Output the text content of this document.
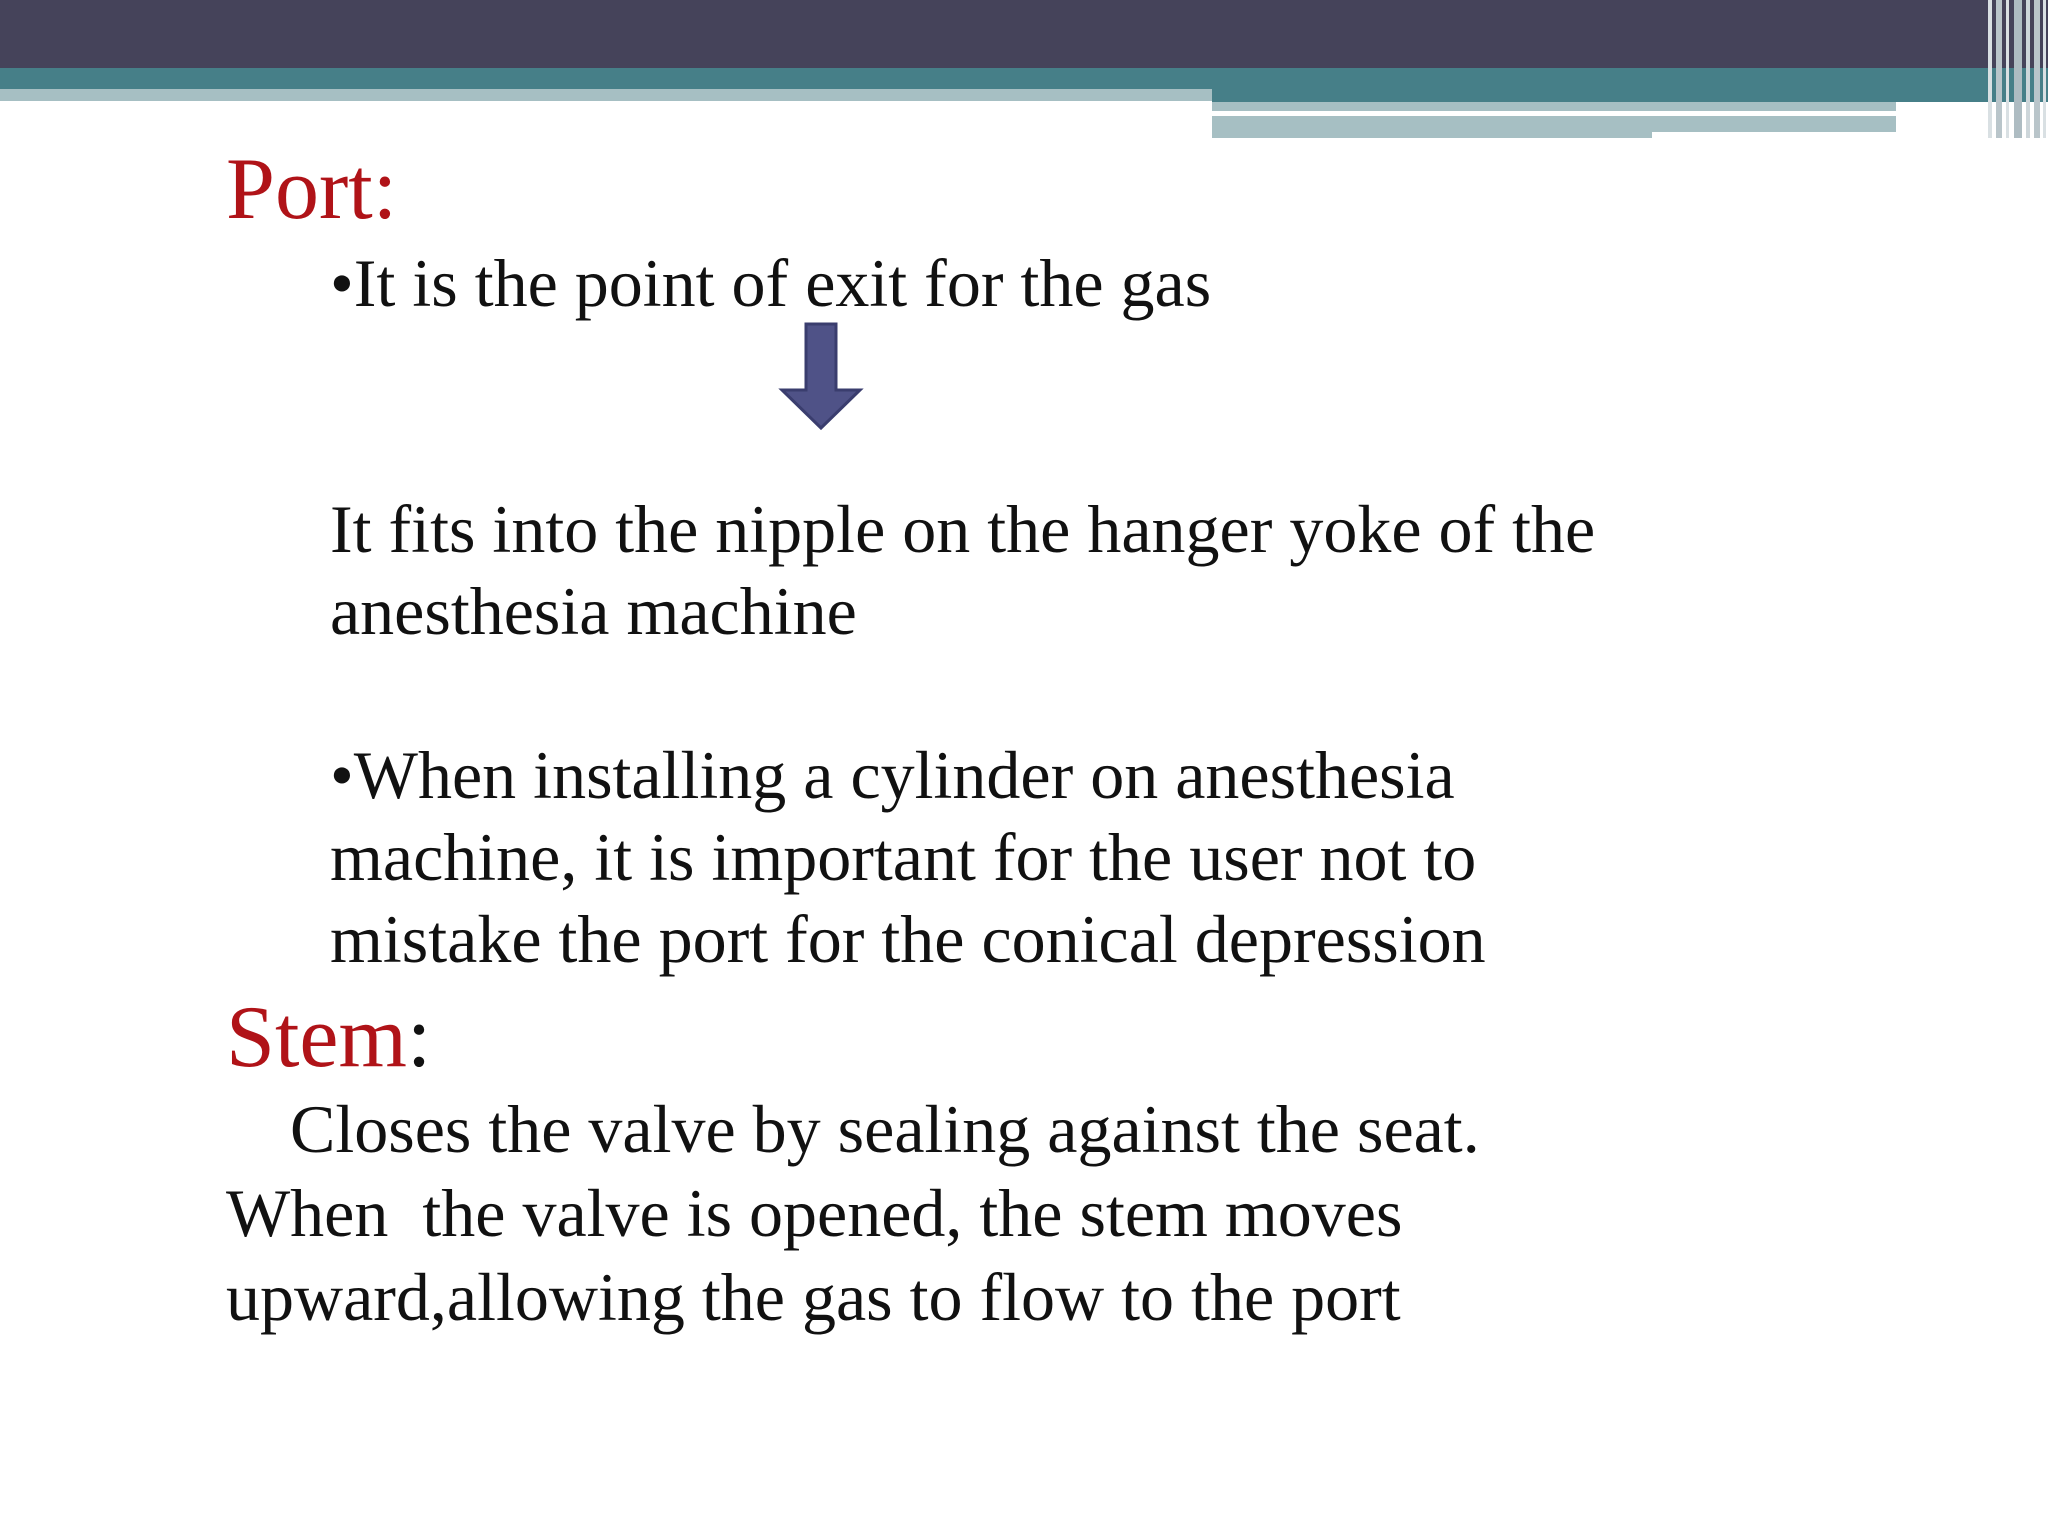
Port:

•It is the point of exit for the gas

It fits into the nipple on the hanger yoke of the

anesthesia machine

•When installing a cylinder on anesthesia

machine, it is important for the user not to

mistake the port for the conical depression

Stem:

Closes the valve by sealing against the seat.

When  the valve is opened, the stem moves

upward,allowing the gas to flow to the port
